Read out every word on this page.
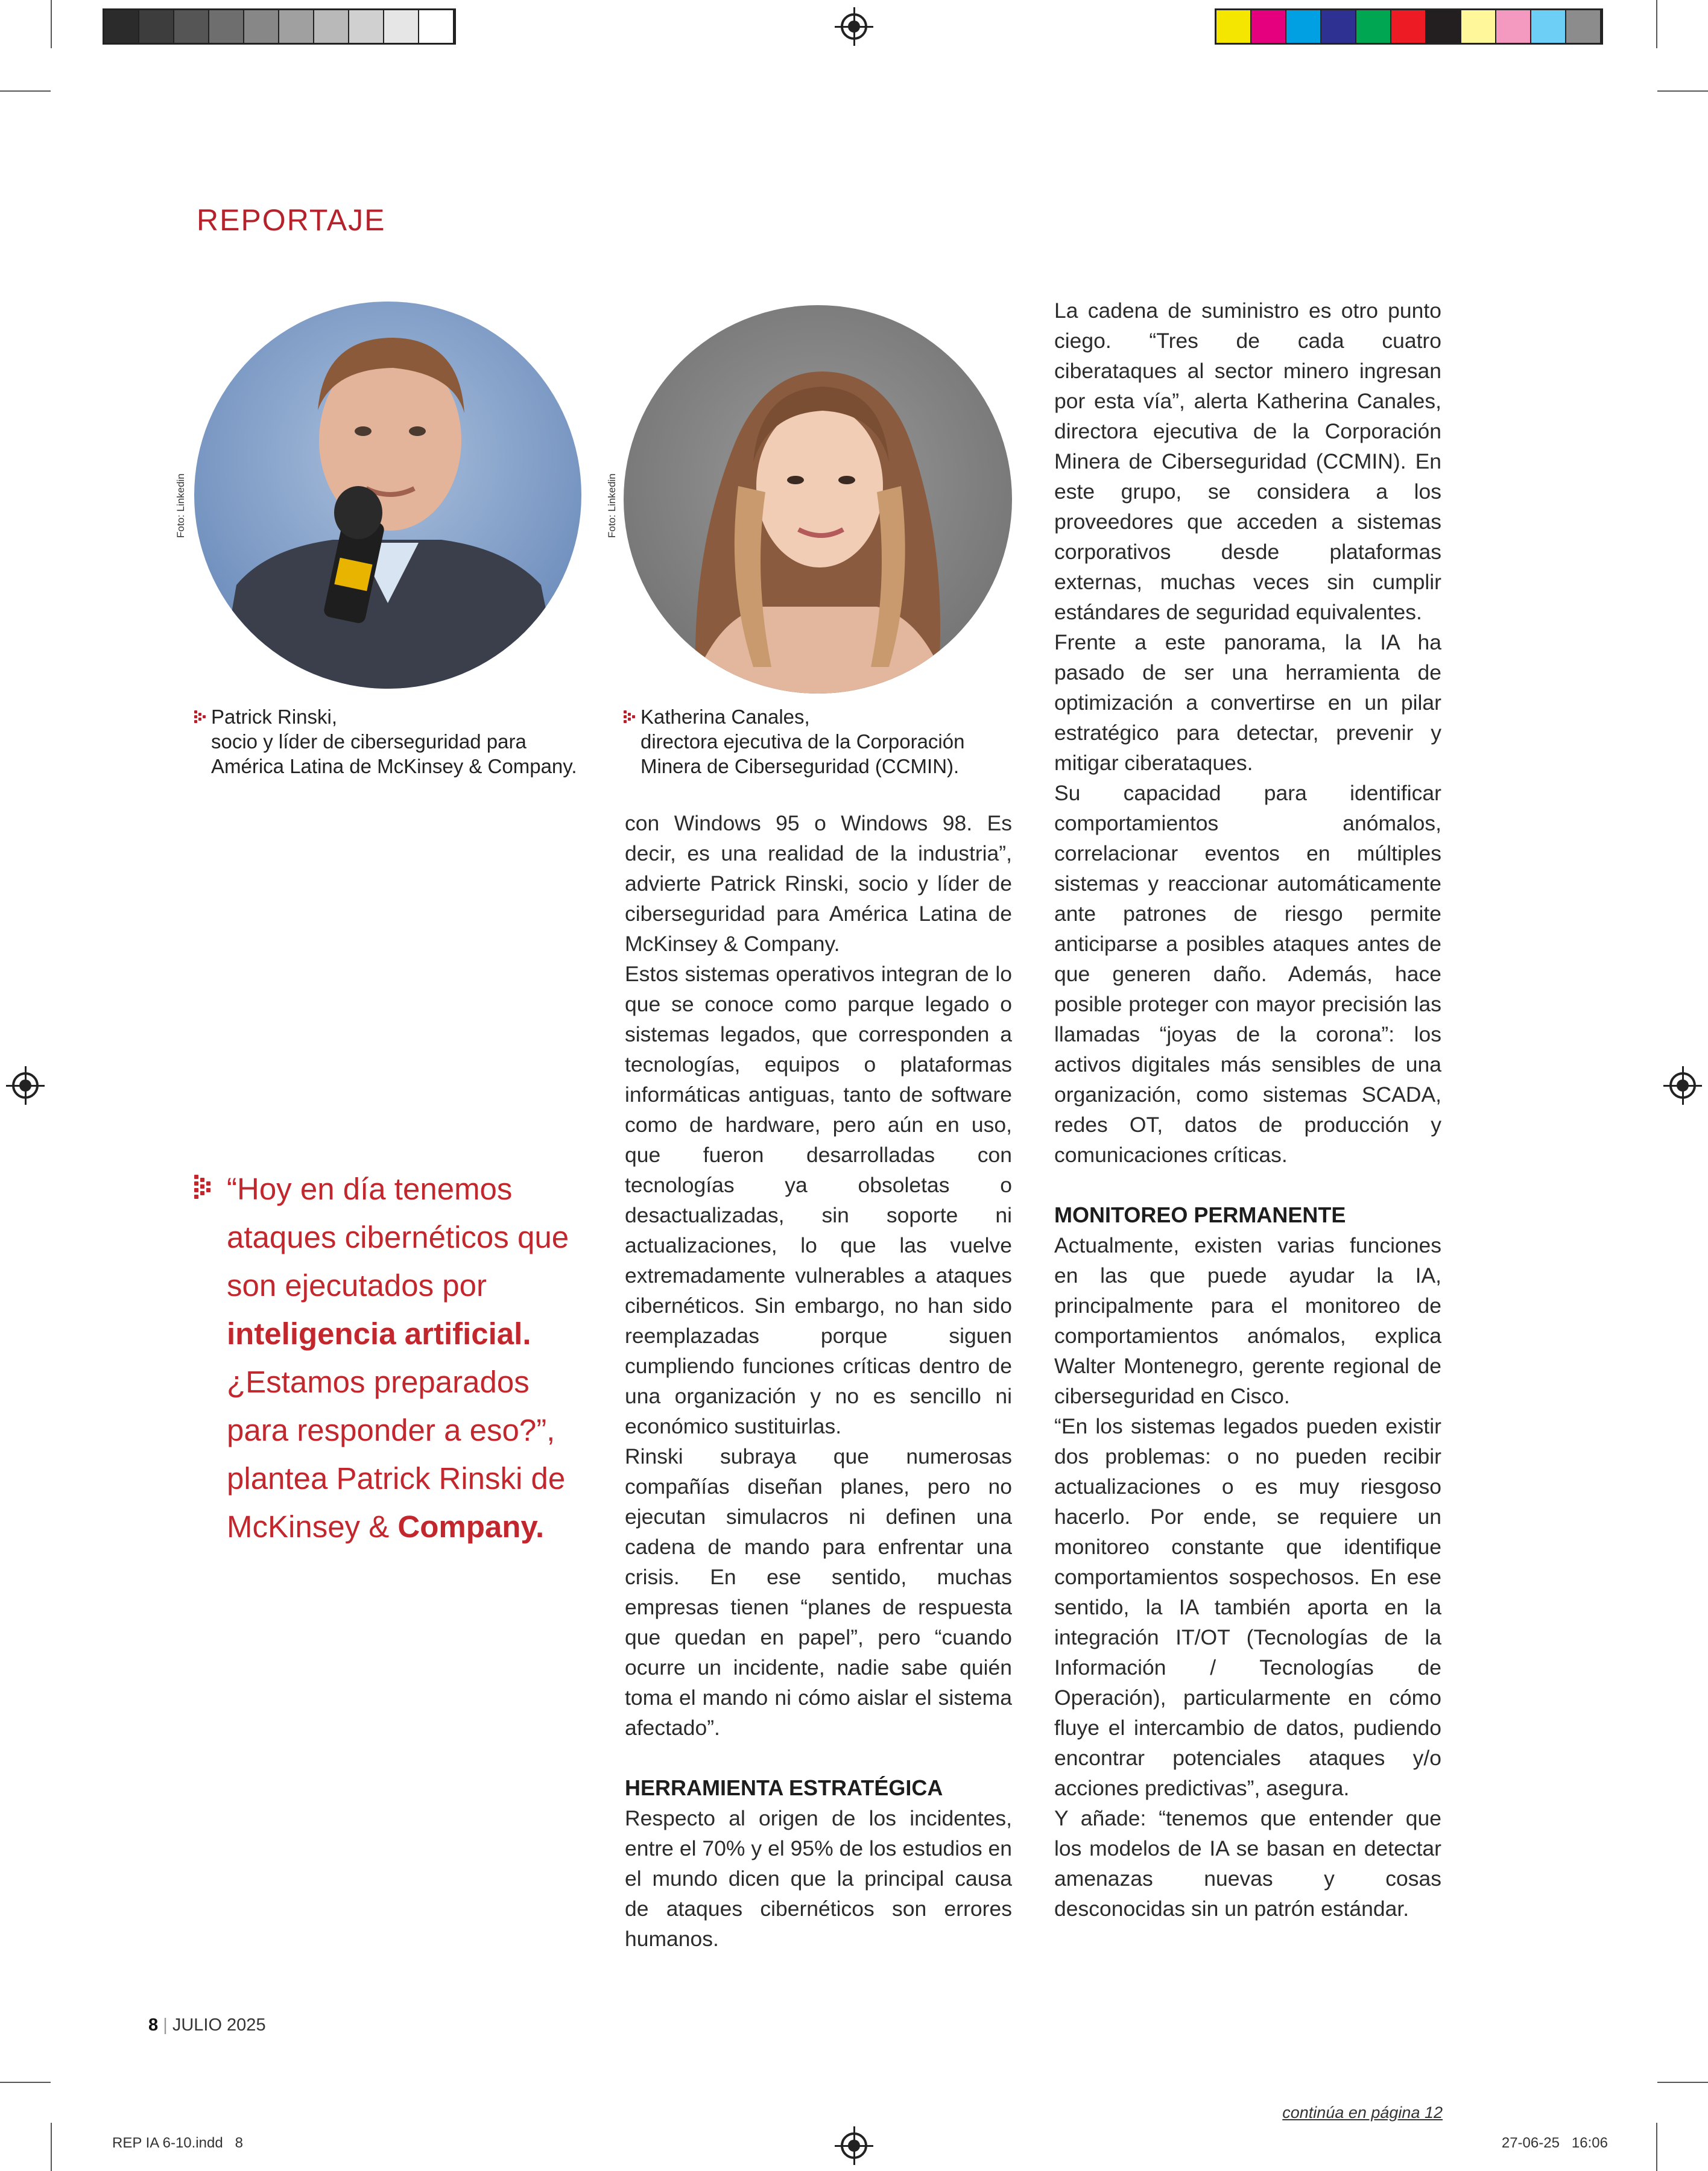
REPORTAJE
Foto: Linkedin
Patrick Rinski,
socio y líder de ciberseguridad para América Latina de McKinsey & Company.
Foto: Linkedin
Katherina Canales,
directora ejecutiva de la Corporación Minera de Ciberseguridad (CCMIN).
“Hoy en día tenemos ataques cibernéticos que son ejecutados por inteligencia artificial. ¿Estamos preparados para responder a eso?”, plantea Patrick Rinski de McKinsey & Company.

con Windows 95 o Windows 98. Es decir, es una realidad de la industria”, advierte Patrick Rinski, socio y líder de ciberseguridad para América Latina de McKinsey & Company.

Estos sistemas operativos integran de lo que se conoce como parque legado o sistemas legados, que corresponden a tecnologías, equipos o plataformas informáticas antiguas, tanto de software como de hardware, pero aún en uso, que fueron desarrolladas con tecnologías ya obsoletas o desactualizadas, sin soporte ni actualizaciones, lo que las vuelve extremadamente vulnerables a ataques cibernéticos. Sin embargo, no han sido reemplazadas porque siguen cumpliendo funciones críticas dentro de una organización y no es sencillo ni económico sustituirlas.

Rinski subraya que numerosas compañías diseñan planes, pero no ejecutan simulacros ni definen una cadena de mando para enfrentar una crisis. En ese sentido, muchas empresas tienen “planes de respuesta que quedan en papel”, pero “cuando ocurre un incidente, nadie sabe quién toma el mando ni cómo aislar el sistema afectado”.

HERRAMIENTA ESTRATÉGICA

Respecto al origen de los incidentes, entre el 70% y el 95% de los estudios en el mundo dicen que la principal causa de ataques cibernéticos son errores humanos.

La cadena de suministro es otro punto ciego. “Tres de cada cuatro ciberataques al sector minero ingresan por esta vía”, alerta Katherina Canales, directora ejecutiva de la Corporación Minera de Ciberseguridad (CCMIN). En este grupo, se considera a los proveedores que acceden a sistemas corporativos desde plataformas externas, muchas veces sin cumplir estándares de seguridad equivalentes.

Frente a este panorama, la IA ha pasado de ser una herramienta de optimización a convertirse en un pilar estratégico para detectar, prevenir y mitigar ciberataques.

Su capacidad para identificar comportamientos anómalos, correlacionar eventos en múltiples sistemas y reaccionar automáticamente ante patrones de riesgo permite anticiparse a posibles ataques antes de que generen daño. Además, hace posible proteger con mayor precisión las llamadas “joyas de la corona”: los activos digitales más sensibles de una organización, como sistemas SCADA, redes OT, datos de producción y comunicaciones críticas.

MONITOREO PERMANENTE

Actualmente, existen varias funciones en las que puede ayudar la IA, principalmente para el monitoreo de comportamientos anómalos, explica Walter Montenegro, gerente regional de ciberseguridad en Cisco.

“En los sistemas legados pueden existir dos problemas: o no pueden recibir actualizaciones o es muy riesgoso hacerlo. Por ende, se requiere un monitoreo constante que identifique comportamientos sospechosos. En ese sentido, la IA también aporta en la integración IT/OT (Tecnologías de la Información / Tecnologías de Operación), particularmente en cómo fluye el intercambio de datos, pudiendo encontrar potenciales ataques y/o acciones predictivas”, asegura.

Y añade: “tenemos que entender que los modelos de IA se basan en detectar amenazas nuevas y cosas desconocidas sin un patrón estándar.

8 | JULIO 2025
continúa en página 12
REP IA 6-10.indd   8	27-06-25   16:06
